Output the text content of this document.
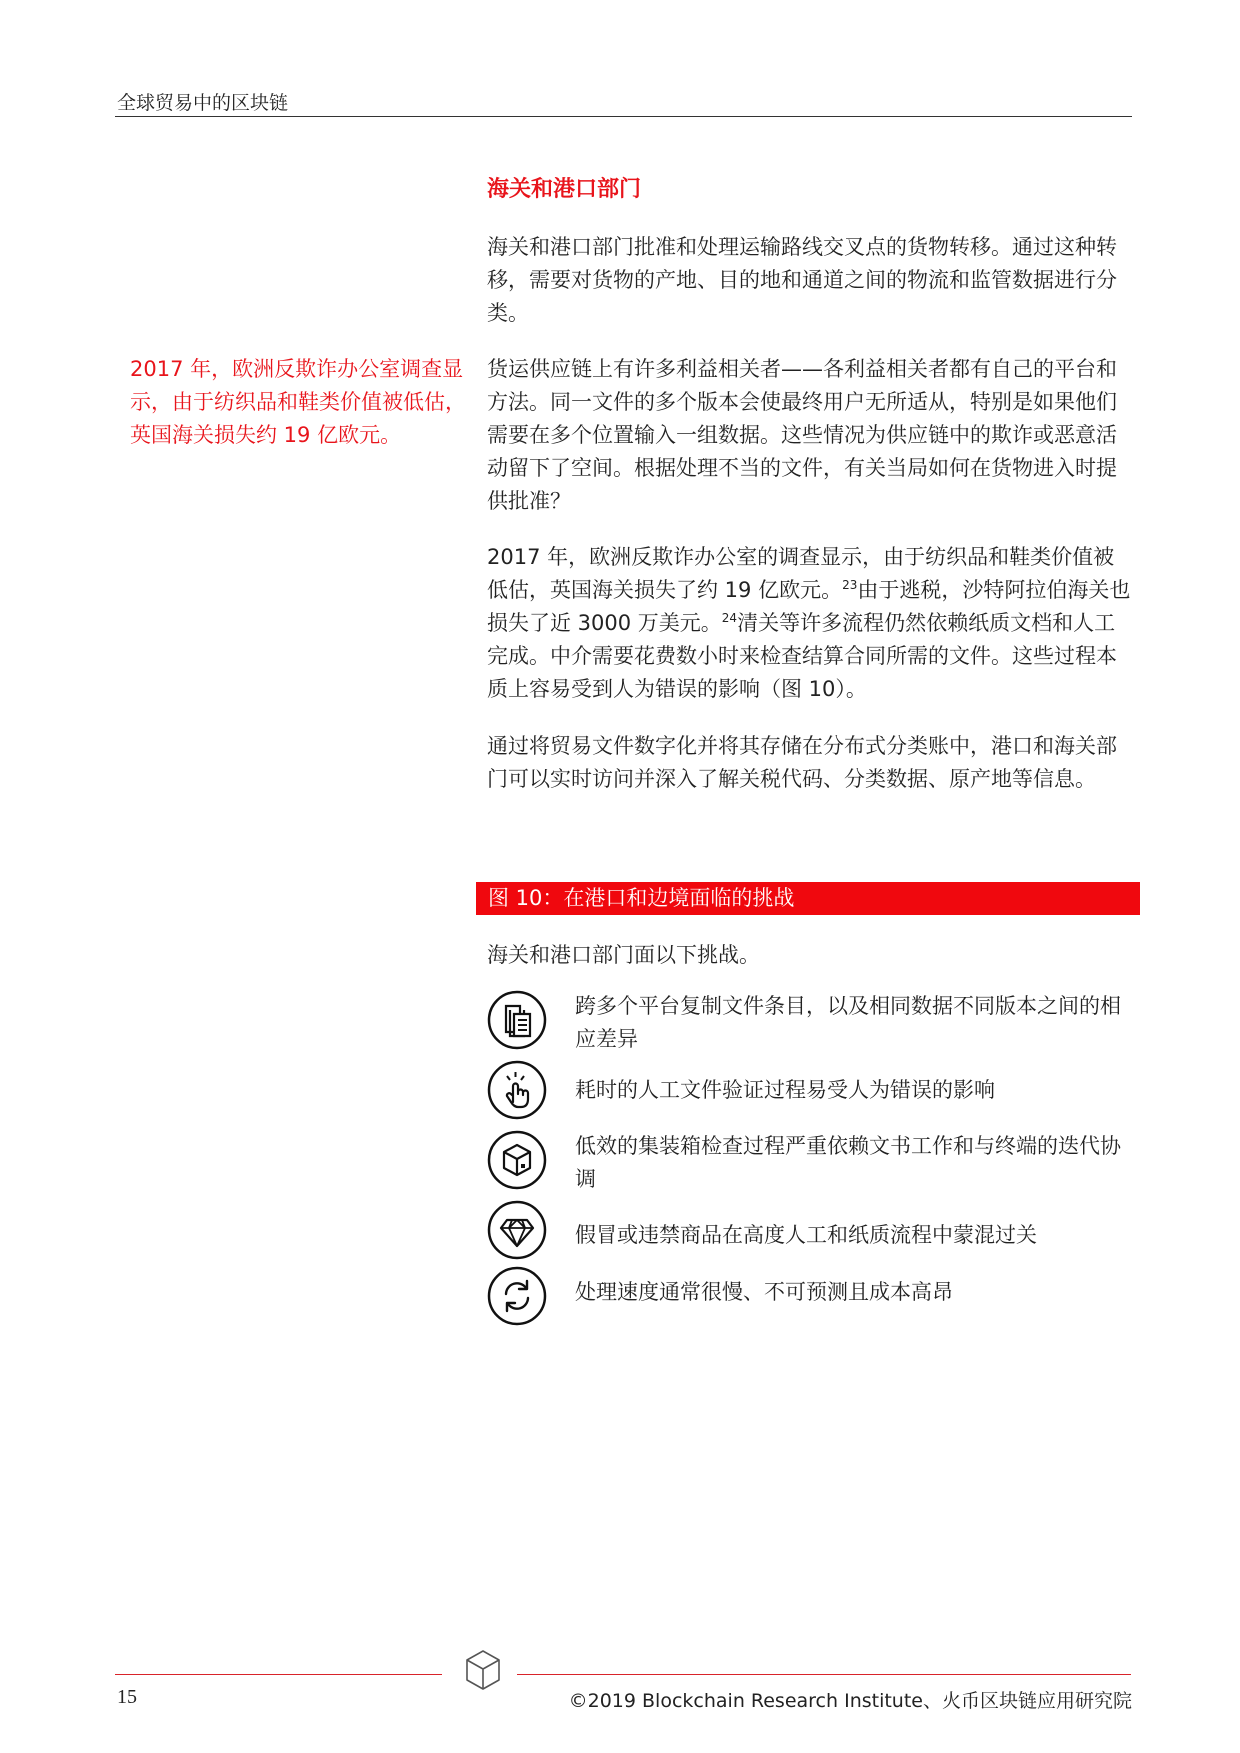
全球贸易中的区块链
海关和港口部门

海关和港口部门批准和处理运输路线交叉点的货物转移。通过这种转移，需要对货物的产地、目的地和通道之间的物流和监管数据进行分类。

货运供应链上有许多利益相关者——各利益相关者都有自己的平台和方法。同一文件的多个版本会使最终用户无所适从，特别是如果他们需要在多个位置输入一组数据。这些情况为供应链中的欺诈或恶意活动留下了空间。根据处理不当的文件，有关当局如何在货物进入时提供批准？

2017 年，欧洲反欺诈办公室的调查显示，由于纺织品和鞋类价值被低估，英国海关损失了约 19 亿欧元。$^{23}$由于逃税，沙特阿拉伯海关也损失了近 3000 万美元。$^{24}$清关等许多流程仍然依赖纸质文档和人工完成。中介需要花费数小时来检查结算合同所需的文件。这些过程本质上容易受到人为错误的影响（图 10）。

通过将贸易文件数字化并将其存储在分布式分类账中，港口和海关部门可以实时访问并深入了解关税代码、分类数据、原产地等信息。

2017 年，欧洲反欺诈办公室调查显示，由于纺织品和鞋类价值被低估，英国海关损失约 19 亿欧元。

图 10：在港口和边境面临的挑战
海关和港口部门面以下挑战。

跨多个平台复制文件条目，以及相同数据不同版本之间的相应差异

耗时的人工文件验证过程易受人为错误的影响

低效的集装箱检查过程严重依赖文书工作和与终端的迭代协调

假冒或违禁商品在高度人工和纸质流程中蒙混过关

处理速度通常很慢、不可预测且成本高昂

15	©2019 Blockchain Research Institute、火币区块链应用研究院
